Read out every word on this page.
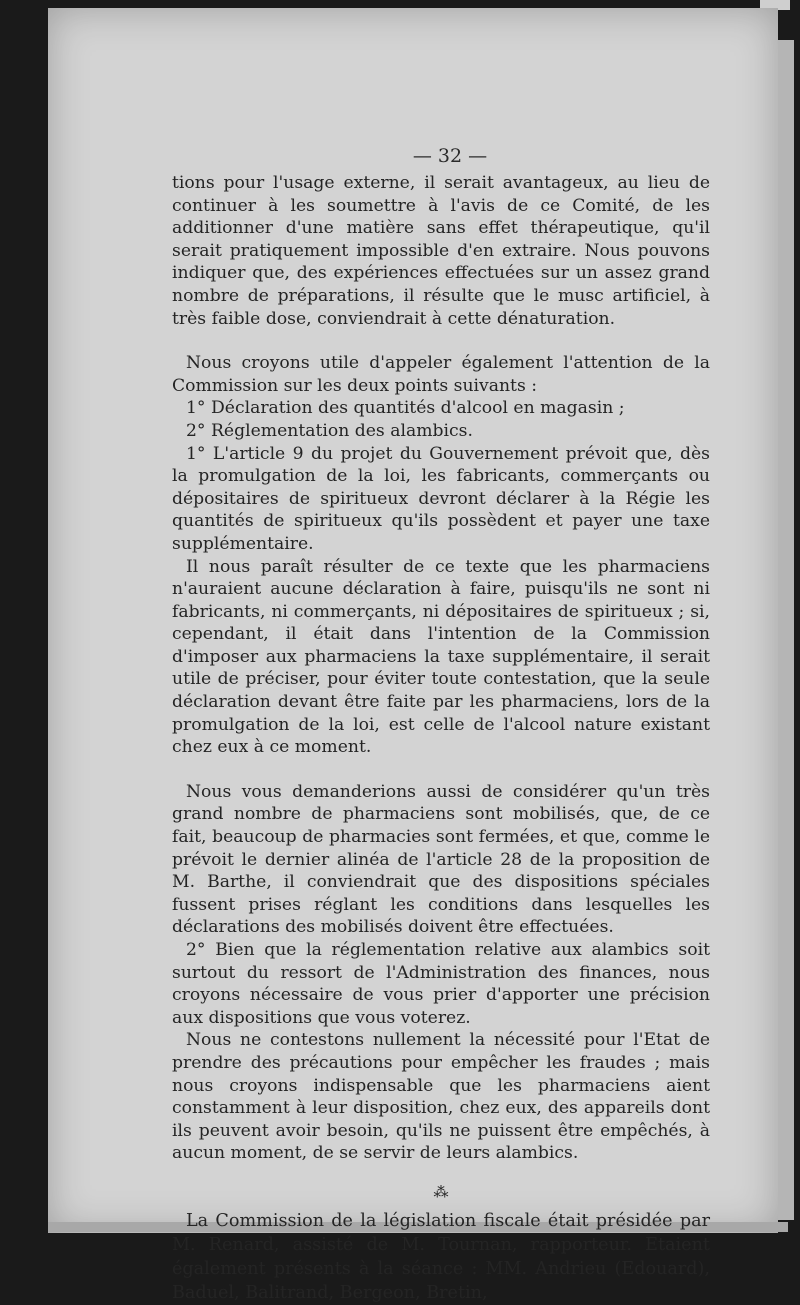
— 32 —

tions pour l'usage externe, il serait avantageux, au lieu de continuer à les soumettre à l'avis de ce Comité, de les additionner d'une matière sans effet thérapeutique, qu'il serait pratiquement impossible d'en extraire. Nous pouvons indiquer que, des expériences effectuées sur un assez grand nombre de préparations, il résulte que le musc artificiel, à très faible dose, conviendrait à cette dénaturation.

Nous croyons utile d'appeler également l'attention de la Commission sur les deux points suivants :

1° Déclaration des quantités d'alcool en magasin ;

2° Réglementation des alambics.

1° L'article 9 du projet du Gouvernement prévoit que, dès la promulgation de la loi, les fabricants, commerçants ou dépositaires de spiritueux devront déclarer à la Régie les quantités de spiritueux qu'ils possèdent et payer une taxe supplémentaire.

Il nous paraît résulter de ce texte que les pharmaciens n'auraient aucune déclaration à faire, puisqu'ils ne sont ni fabricants, ni commerçants, ni dépositaires de spiritueux ; si, cependant, il était dans l'intention de la Commission d'imposer aux pharmaciens la taxe supplémentaire, il serait utile de préciser, pour éviter toute contestation, que la seule déclaration devant être faite par les pharmaciens, lors de la promulgation de la loi, est celle de l'alcool nature existant chez eux à ce moment.

Nous vous demanderions aussi de considérer qu'un très grand nombre de pharmaciens sont mobilisés, que, de ce fait, beaucoup de pharmacies sont fermées, et que, comme le prévoit le dernier alinéa de l'article 28 de la proposition de M. Barthe, il conviendrait que des dispositions spéciales fussent prises réglant les conditions dans lesquelles les déclarations des mobilisés doivent être effectuées.

2° Bien que la réglementation relative aux alambics soit surtout du ressort de l'Administration des finances, nous croyons nécessaire de vous prier d'apporter une précision aux dispositions que vous voterez.

Nous ne contestons nullement la nécessité pour l'Etat de prendre des précautions pour empêcher les fraudes ; mais nous croyons indispensable que les pharmaciens aient constamment à leur disposition, chez eux, des appareils dont ils peuvent avoir besoin, qu'ils ne puissent être empêchés, à aucun moment, de se servir de leurs alambics.

⁂

La Commission de la législation fiscale était présidée par M. Renard, assisté de M. Tournan, rapporteur. Etaient également présents à la séance : MM. Andrieu (Edouard), Baduel, Balitrand, Bergeon, Bretin,
